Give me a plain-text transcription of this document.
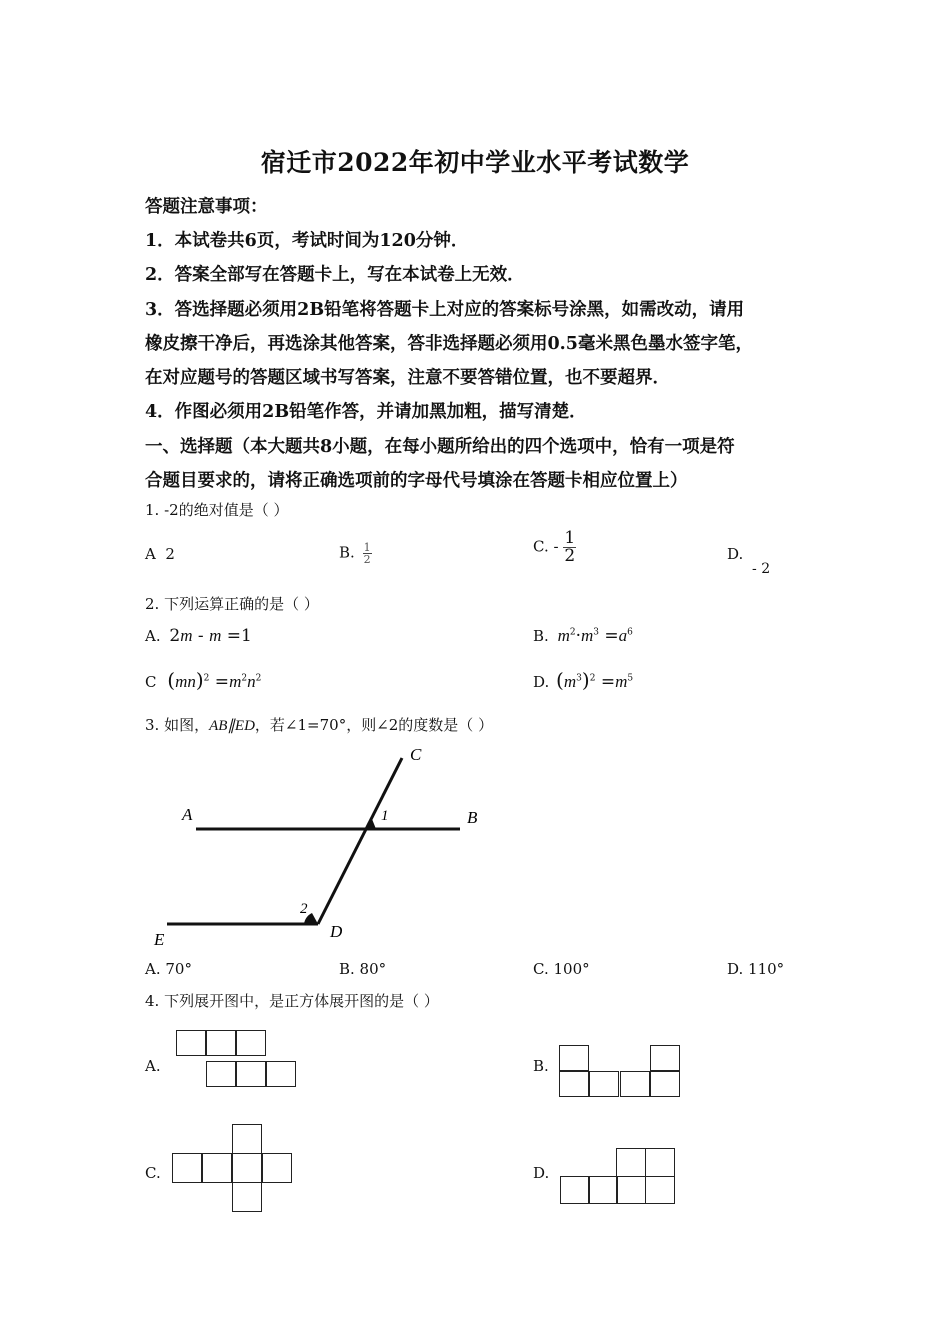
宿迁市2022年初中学业水平考试数学
答题注意事项：
1．本试卷共6页，考试时间为120分钟．
2．答案全部写在答题卡上，写在本试卷上无效．
3．答选择题必须用2B铅笔将答题卡上对应的答案标号涂黑，如需改动，请用
橡皮擦干净后，再选涂其他答案，答非选择题必须用0.5毫米黑色墨水签字笔，
在对应题号的答题区域书写答案，注意不要答错位置，也不要超界．
4．作图必须用2B铅笔作答，并请加黑加粗，描写清楚．
一、选择题（本大题共8小题，在每小题所给出的四个选项中，恰有一项是符
合题目要求的，请将正确选项前的字母代号填涂在答题卡相应位置上）
1. -2的绝对值是（ ）
A 2	B. $\frac{1}{2}$	C. - $\frac{1}{2}$	D. - 2
2. 下列运算正确的是（ ）
A. 2m - m =1	B. $m^2\cdot m^3 =a^6$
C $(mn)^2 =m^2n^2$	D. $(m^3)^2 =m^5$
3. 如图，AB∥ED，若∠1=70°，则∠2的度数是（ ）
A	B
C
D
E
1
2
A. 70°	B. 80°	C. 100°	D. 110°
4. 下列展开图中，是正方体展开图的是（ ）
A.	B.
C.	D.
